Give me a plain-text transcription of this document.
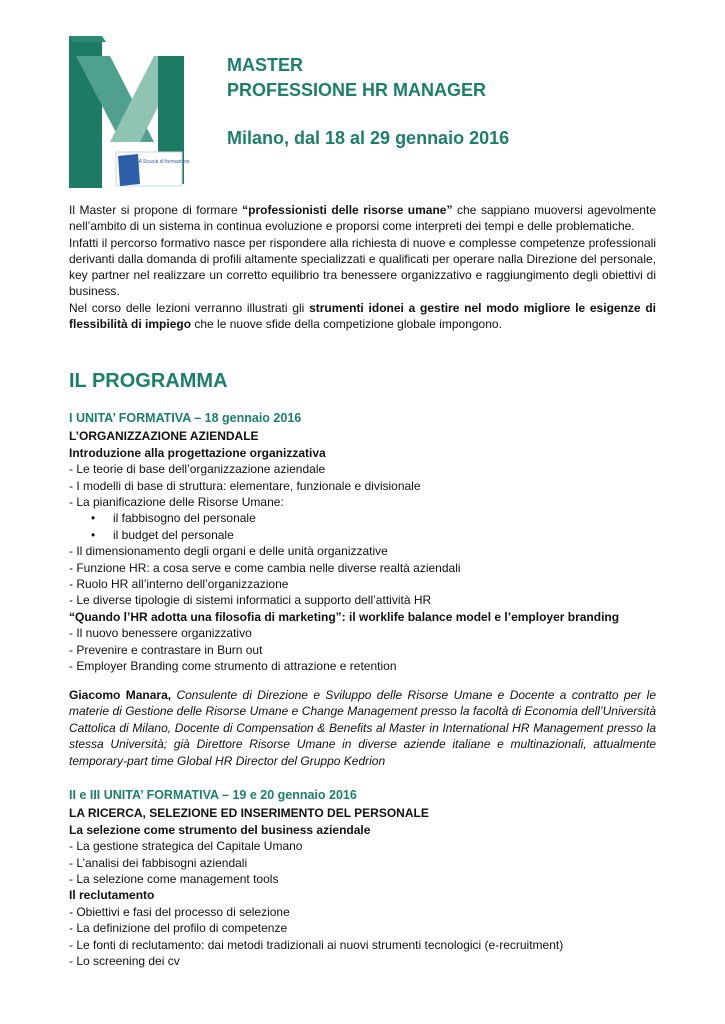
ISOA Scuola di formazione
MASTER
PROFESSIONE HR MANAGER
Milano, dal 18 al 29 gennaio 2016

Il Master si propone di formare “professionisti delle risorse umane” che sappiano muoversi agevolmente nell’ambito di un sistema in continua evoluzione e proporsi come interpreti dei tempi e delle problematiche.

Infatti il percorso formativo nasce per rispondere alla richiesta di nuove e complesse competenze professionali derivanti dalla domanda di profili altamente specializzati e qualificati per operare nalla Direzione del personale, key partner nel realizzare un corretto equilibrio tra benessere organizzativo e raggiungimento degli obiettivi di business.

Nel corso delle lezioni verranno illustrati gli strumenti idonei a gestire nel modo migliore le esigenze di flessibilità di impiego che le nuove sfide della competizione globale impongono.

IL PROGRAMMA
I UNITA’ FORMATIVA – 18 gennaio 2016
L’ORGANIZZAZIONE AZIENDALE
Introduzione alla progettazione organizzativa
- Le teorie di base dell’organizzazione aziendale
- I modelli di base di struttura: elementare, funzionale e divisionale
- La pianificazione delle Risorse Umane:
• il fabbisogno del personale
• il budget del personale
- Il dimensionamento degli organi e delle unità organizzative
- Funzione HR: a cosa serve e come cambia nelle diverse realtà aziendali
- Ruolo HR all’interno dell’organizzazione
- Le diverse tipologie di sistemi informatici a supporto dell’attività HR
“Quando l’HR adotta una filosofia di marketing”: il worklife balance model e l’employer branding
- Il nuovo benessere organizzativo
- Prevenire e contrastare in Burn out
- Employer Branding come strumento di attrazione e retention
Giacomo Manara, Consulente di Direzione e Sviluppo delle Risorse Umane e Docente a contratto per le materie di Gestione delle Risorse Umane e Change Management presso la facoltà di Economia dell’Università Cattolica di Milano, Docente di Compensation & Benefits al Master in International HR Management presso la stessa Università; già Direttore Risorse Umane in diverse aziende italiane e multinazionali, attualmente temporary-part time Global HR Director del Gruppo Kedrion
II e III UNITA’ FORMATIVA – 19 e 20 gennaio 2016
LA RICERCA, SELEZIONE ED INSERIMENTO DEL PERSONALE
La selezione come strumento del business aziendale
- La gestione strategica del Capitale Umano
- L’analisi dei fabbisogni aziendali
- La selezione come management tools
Il reclutamento
- Obiettivi e fasi del processo di selezione
- La definizione del profilo di competenze
- Le fonti di reclutamento: dai metodi tradizionali ai nuovi strumenti tecnologici (e-recruitment)
- Lo screening dei cv
